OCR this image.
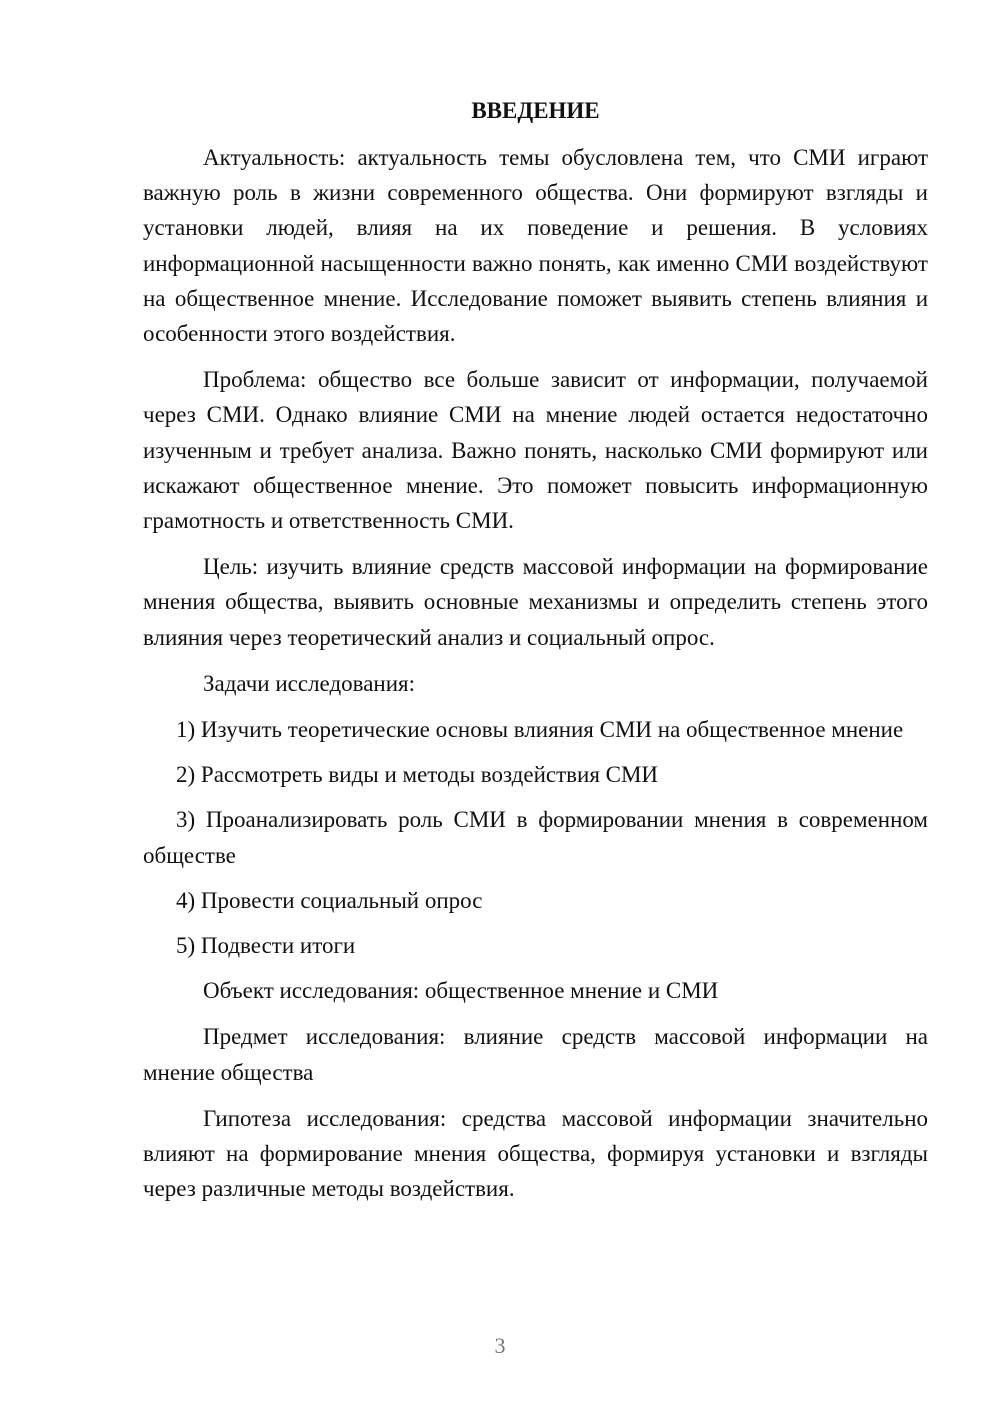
ВВЕДЕНИЕ

Актуальность: актуальность темы обусловлена тем, что СМИ играют важную роль в жизни современного общества. Они формируют взгляды и установки людей, влияя на их поведение и решения. В условиях информационной насыщенности важно понять, как именно СМИ воздействуют на общественное мнение. Исследование поможет выявить степень влияния и особенности этого воздействия.

Проблема: общество все больше зависит от информации, получаемой через СМИ. Однако влияние СМИ на мнение людей остается недостаточно изученным и требует анализа. Важно понять, насколько СМИ формируют или искажают общественное мнение. Это поможет повысить информационную грамотность и ответственность СМИ.

Цель: изучить влияние средств массовой информации на формирование мнения общества, выявить основные механизмы и определить степень этого влияния через теоретический анализ и социальный опрос.

Задачи исследования:

1) Изучить теоретические основы влияния СМИ на общественное мнение

2) Рассмотреть виды и методы воздействия СМИ

3) Проанализировать роль СМИ в формировании мнения в современном обществе

4) Провести социальный опрос

5) Подвести итоги

Объект исследования: общественное мнение и СМИ

Предмет исследования: влияние средств массовой информации на мнение общества

Гипотеза исследования: средства массовой информации значительно влияют на формирование мнения общества, формируя установки и взгляды через различные методы воздействия.

3
